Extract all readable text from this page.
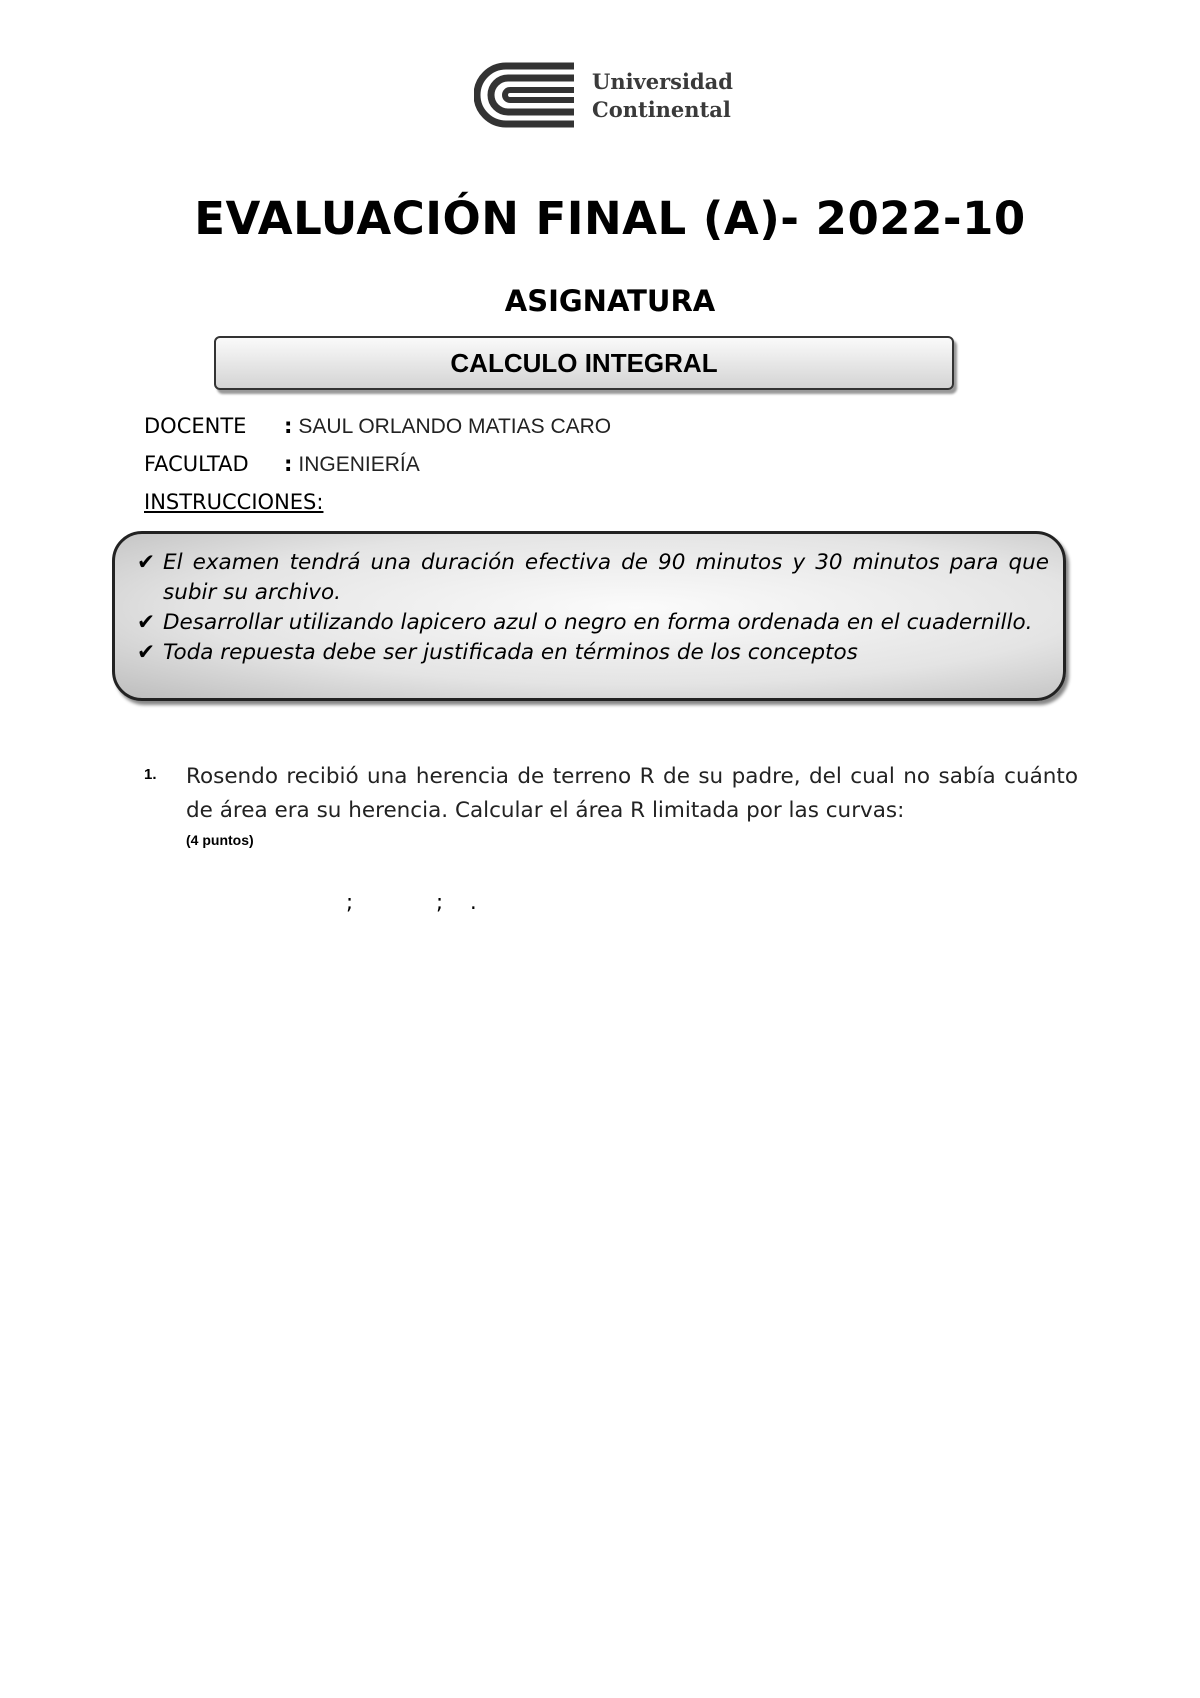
Universidad
Continental
EVALUACIÓN FINAL (A)- 2022-10
ASIGNATURA
CALCULO INTEGRAL
DOCENTE : SAUL ORLANDO MATIAS CARO
FACULTAD : INGENIERÍA
INSTRUCCIONES:
✔ El examen tendrá una duración efectiva de 90 minutos y 30 minutos para que subir su archivo.
✔ Desarrollar utilizando lapicero azul o negro en forma ordenada en el cuadernillo.
✔ Toda repuesta debe ser justificada en términos de los conceptos
1. Rosendo recibió una herencia de terreno R de su padre, del cual no sabía cuánto de área era su herencia. Calcular el área R limitada por las curvas:
(4 puntos)
;	; .
